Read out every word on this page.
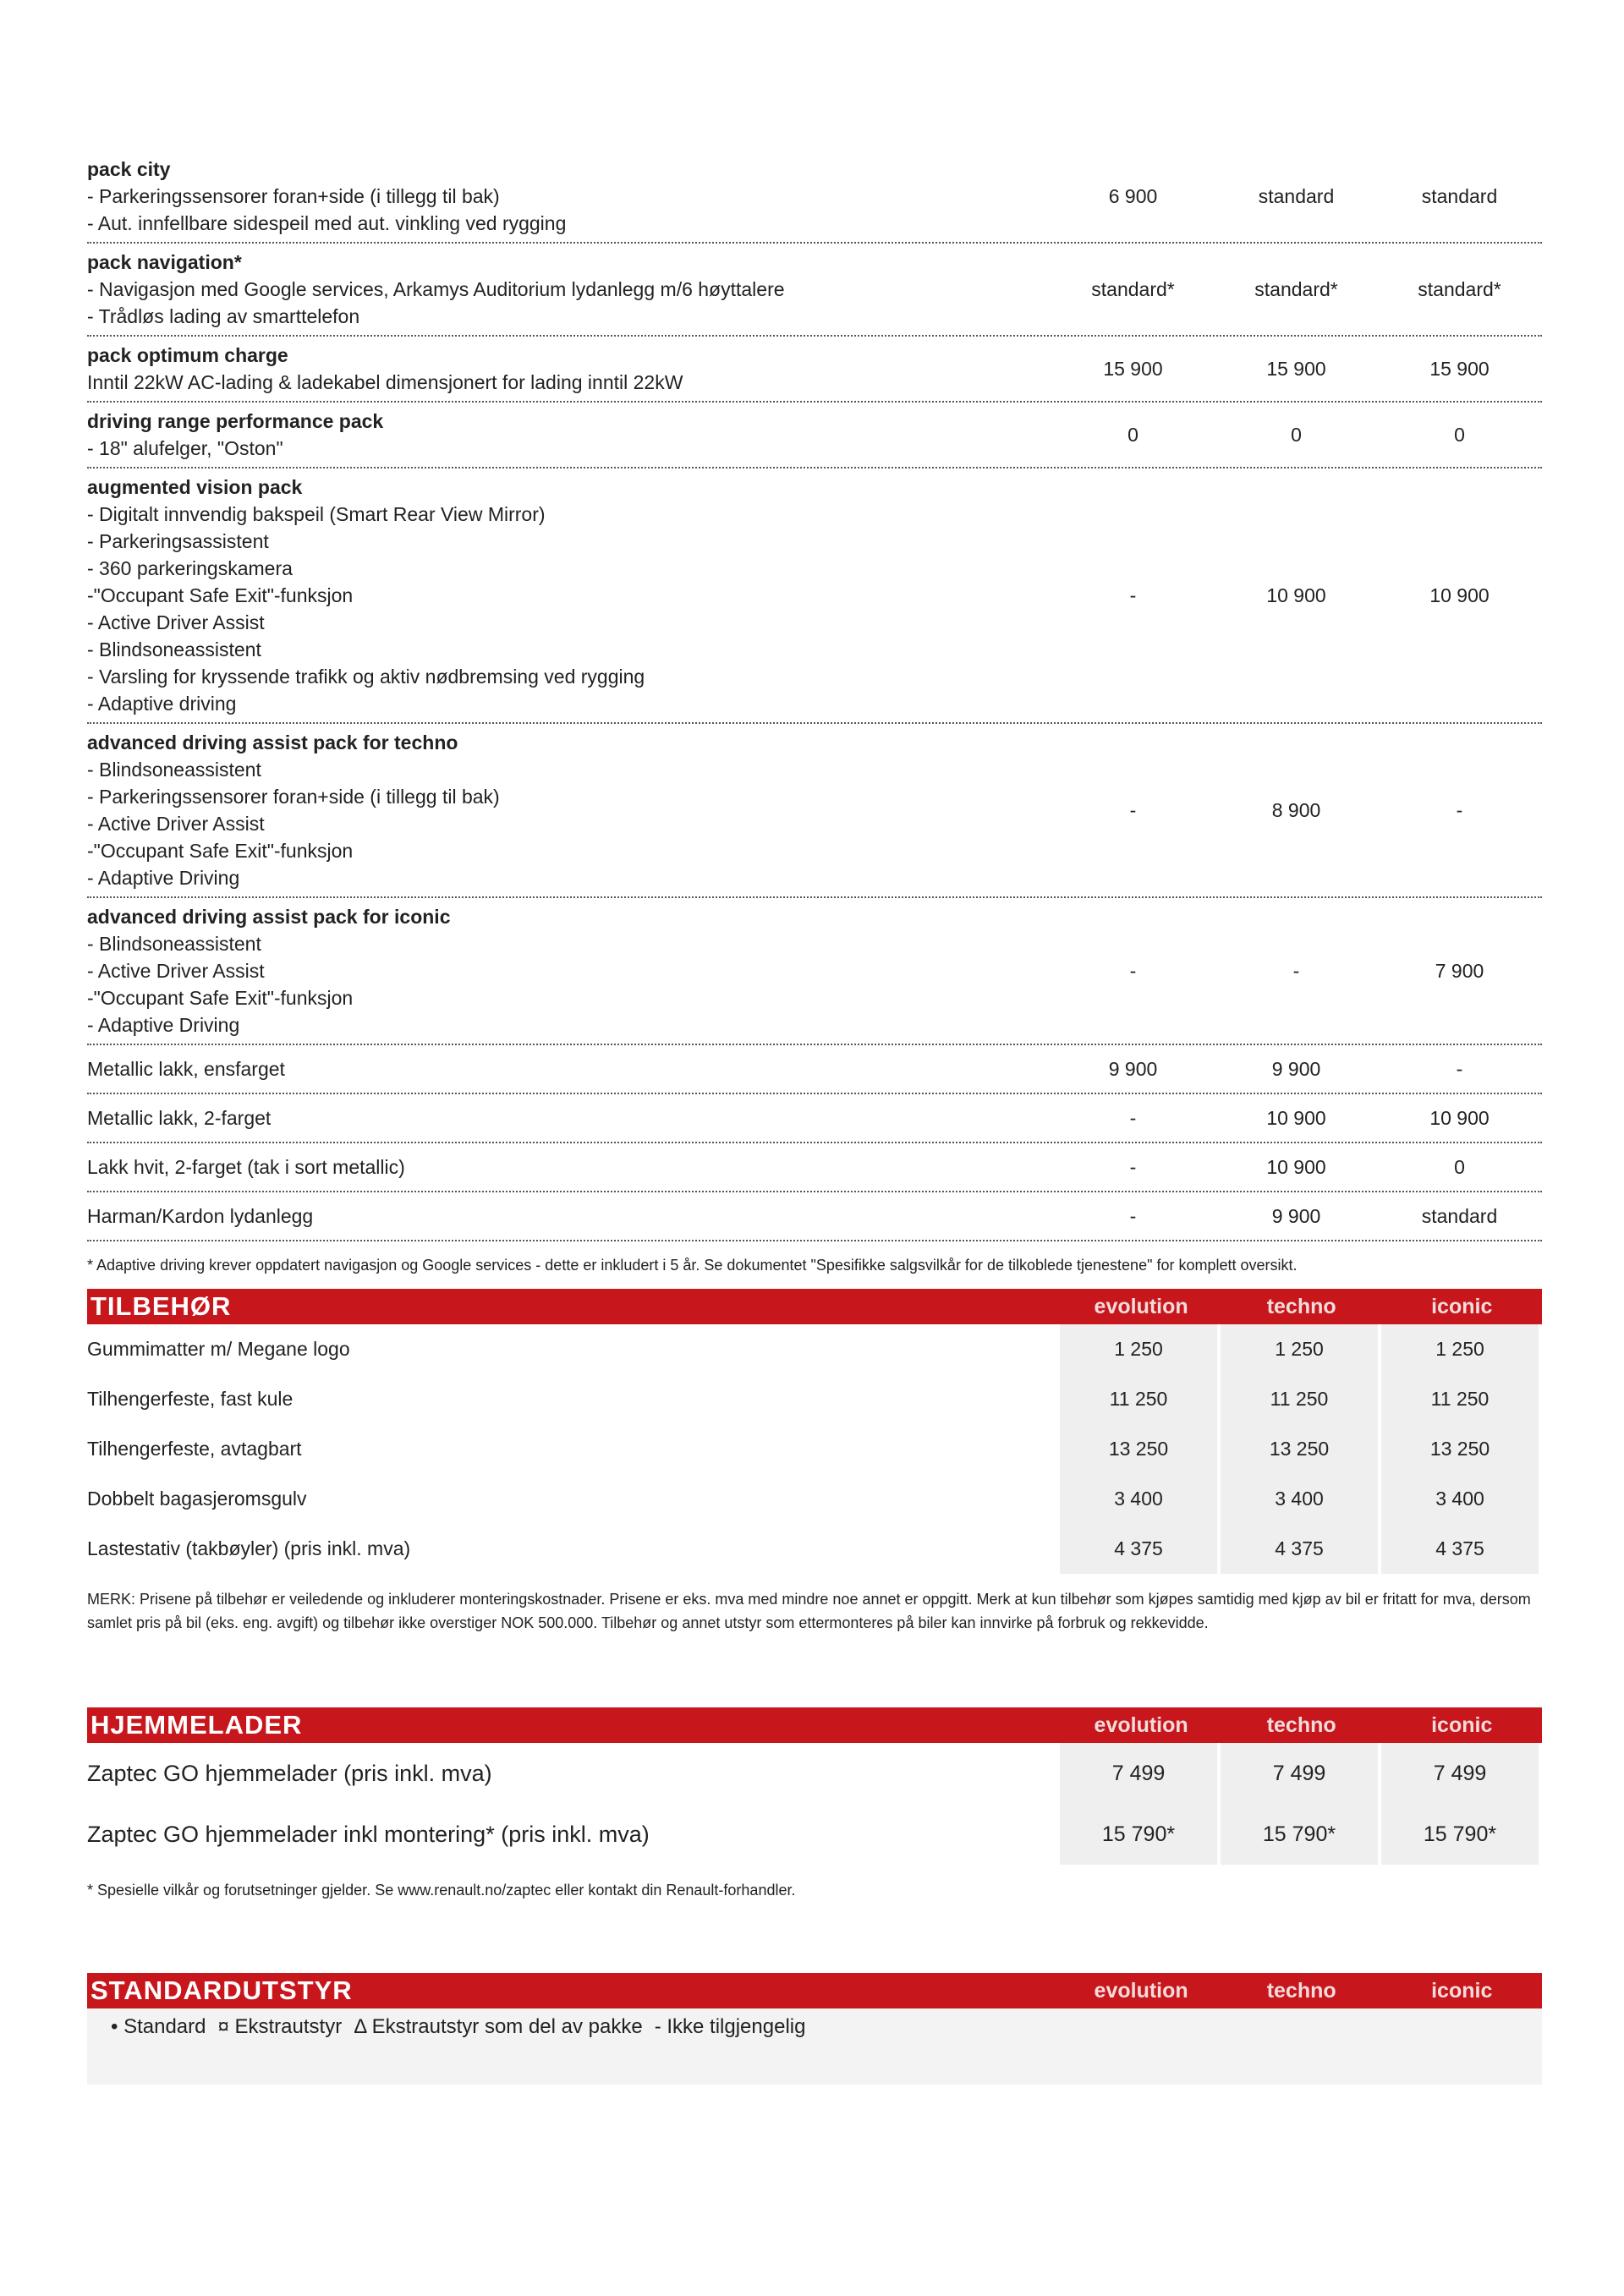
pack city
- Parkeringssensorer foran+side (i tillegg til bak)
- Aut. innfellbare sidespeil med aut. vinkling ved rygging
6 900	standard	standard
pack navigation*
- Navigasjon med Google services, Arkamys Auditorium lydanlegg m/6 høyttalere
- Trådløs lading av smarttelefon
standard*	standard*	standard*
pack optimum charge
Inntil 22kW AC-lading & ladekabel dimensjonert for lading inntil 22kW
15 900	15 900	15 900
driving range performance pack
- 18" alufelger, "Oston"
0	0	0
augmented vision pack
- Digitalt innvendig bakspeil (Smart Rear View Mirror)
- Parkeringsassistent
- 360 parkeringskamera
-"Occupant Safe Exit"-funksjon
- Active Driver Assist
- Blindsoneassistent
- Varsling for kryssende trafikk og aktiv nødbremsing ved rygging
- Adaptive driving
-	10 900	10 900
advanced driving assist pack for techno
- Blindsoneassistent
- Parkeringssensorer foran+side (i tillegg til bak)
- Active Driver Assist
-"Occupant Safe Exit"-funksjon
- Adaptive Driving
-	8 900	-
advanced driving assist pack for iconic
- Blindsoneassistent
- Active Driver Assist
-"Occupant Safe Exit"-funksjon
- Adaptive Driving
-	-	7 900
Metallic lakk, ensfarget	9 900	9 900	-
Metallic lakk, 2-farget	-	10 900	10 900
Lakk hvit, 2-farget (tak i sort metallic)	-	10 900	0
Harman/Kardon lydanlegg	-	9 900	standard
* Adaptive driving krever oppdatert navigasjon og Google services - dette er inkludert i 5 år. Se dokumentet "Spesifikke salgsvilkår for de tilkoblede tjenestene" for komplett oversikt.
TILBEHØR	evolution	techno	iconic
Gummimatter m/ Megane logo	1 250	1 250	1 250
Tilhengerfeste, fast kule	11 250	11 250	11 250
Tilhengerfeste, avtagbart	13 250	13 250	13 250
Dobbelt bagasjeromsgulv	3 400	3 400	3 400
Lastestativ (takbøyler) (pris inkl. mva)	4 375	4 375	4 375
MERK: Prisene på tilbehør er veiledende og inkluderer monteringskostnader. Prisene er eks. mva med mindre noe annet er oppgitt. Merk at kun tilbehør som kjøpes samtidig med kjøp av bil er fritatt for mva, dersom samlet pris på bil (eks. eng. avgift) og tilbehør ikke overstiger NOK 500.000. Tilbehør og annet utstyr som ettermonteres på biler kan innvirke på forbruk og rekkevidde.
HJEMMELADER	evolution	techno	iconic
Zaptec GO hjemmelader (pris inkl. mva)	7 499	7 499	7 499
Zaptec GO hjemmelader inkl montering* (pris inkl. mva)	15 790*	15 790*	15 790*
* Spesielle vilkår og forutsetninger gjelder. Se www.renault.no/zaptec eller kontakt din Renault-forhandler.
STANDARDUTSTYR	evolution	techno	iconic
• Standard ¤ Ekstrautstyr Δ Ekstrautstyr som del av pakke - Ikke tilgjengelig
